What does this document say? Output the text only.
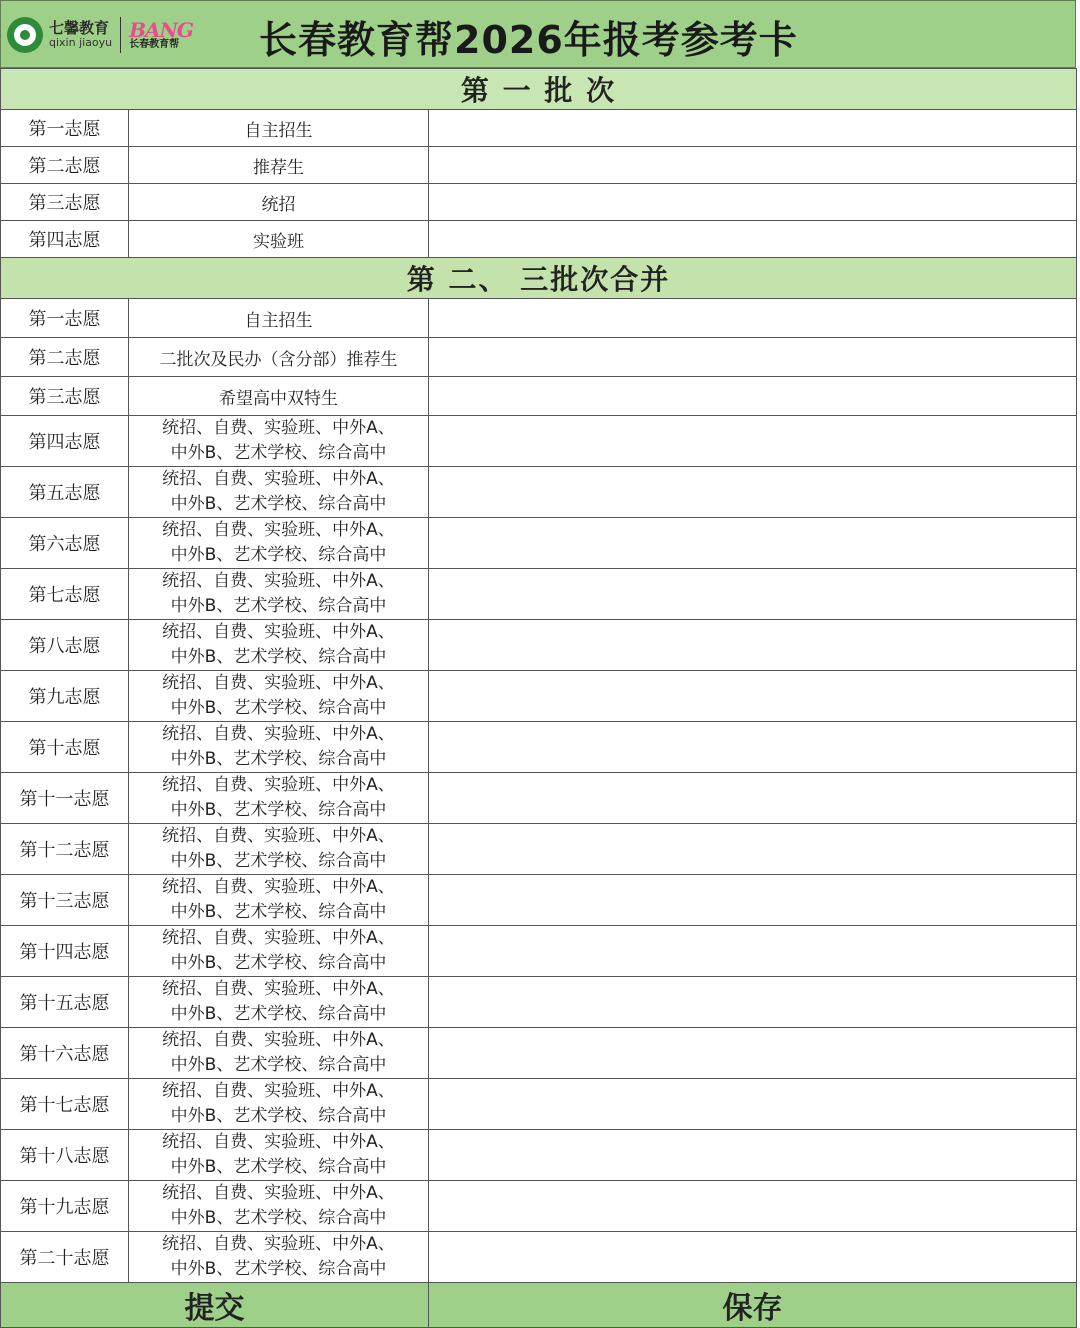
七馨教育
qixin jiaoyu
BANG
长春教育帮	长春教育帮2026年报考参考卡
第 一 批 次		
第一志愿	自主招生	
第二志愿	推荐生	
第三志愿	统招	
第四志愿	实验班	
第 二、 三批次合并		
第一志愿	自主招生	
第二志愿	二批次及民办（含分部）推荐生	
第三志愿	希望高中双特生	
第四志愿	统招、自费、实验班、中外A、
中外B、艺术学校、综合高中	

第五志愿	统招、自费、实验班、中外A、
中外B、艺术学校、综合高中	

第六志愿	统招、自费、实验班、中外A、
中外B、艺术学校、综合高中	

第七志愿	统招、自费、实验班、中外A、
中外B、艺术学校、综合高中	

第八志愿	统招、自费、实验班、中外A、
中外B、艺术学校、综合高中	

第九志愿	统招、自费、实验班、中外A、
中外B、艺术学校、综合高中	

第十志愿	统招、自费、实验班、中外A、
中外B、艺术学校、综合高中	

第十一志愿	统招、自费、实验班、中外A、
中外B、艺术学校、综合高中	

第十二志愿	统招、自费、实验班、中外A、
中外B、艺术学校、综合高中	

第十三志愿	统招、自费、实验班、中外A、
中外B、艺术学校、综合高中	

第十四志愿	统招、自费、实验班、中外A、
中外B、艺术学校、综合高中	

第十五志愿	统招、自费、实验班、中外A、
中外B、艺术学校、综合高中	

第十六志愿	统招、自费、实验班、中外A、
中外B、艺术学校、综合高中	

第十七志愿	统招、自费、实验班、中外A、
中外B、艺术学校、综合高中	

第十八志愿	统招、自费、实验班、中外A、
中外B、艺术学校、综合高中	

第十九志愿	统招、自费、实验班、中外A、
中外B、艺术学校、综合高中	

第二十志愿	统招、自费、实验班、中外A、
中外B、艺术学校、综合高中	

提交		保存
